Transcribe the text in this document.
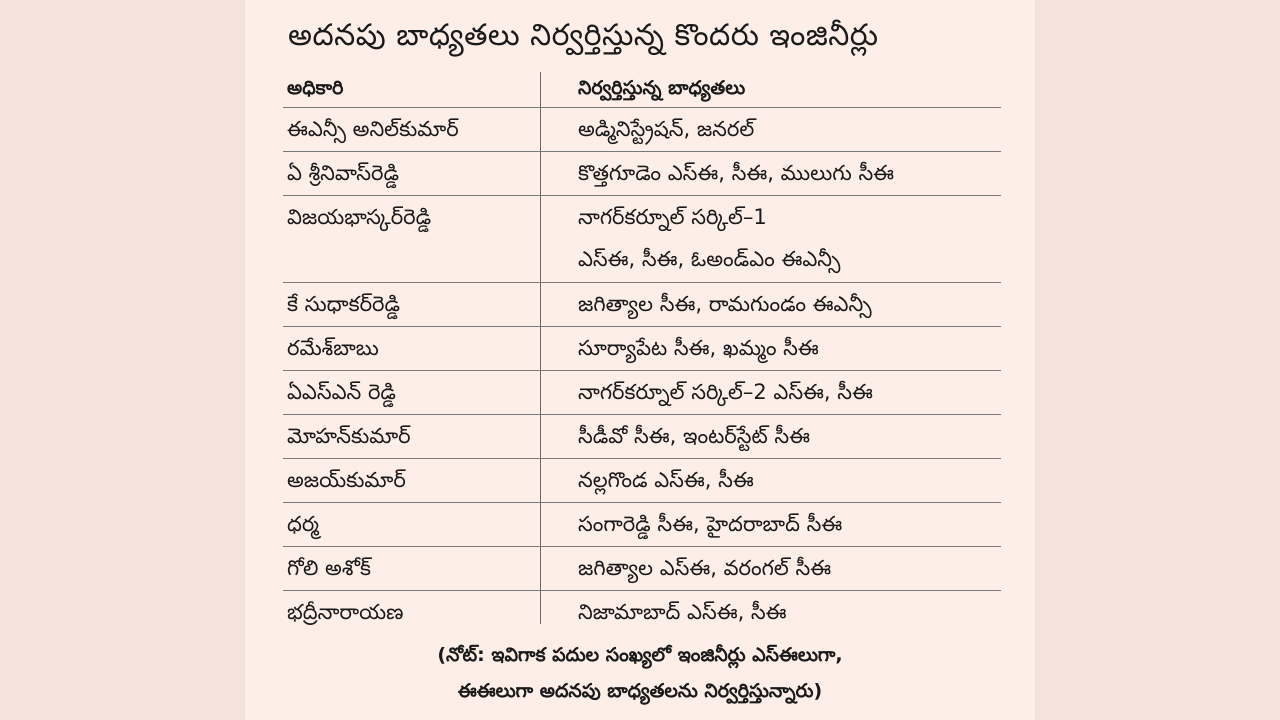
అదనపు బాధ్యతలు నిర్వర్తిస్తున్న కొందరు ఇంజినీర్లు
అధికారి	నిర్వర్తిస్తున్న బాధ్యతలు
ఈఎన్సీ అనిల్‌కుమార్	అడ్మినిస్ట్రేషన్, జనరల్
ఏ శ్రీనివాస్‌రెడ్డి	కొత్తగూడెం ఎస్‌ఈ, సీఈ, ములుగు సీఈ
విజయభాస్కర్‌రెడ్డి	నాగర్‌కర్నూల్ సర్కిల్‌–1
ఎస్‌ఈ, సీఈ, ఓఅండ్‌ఎం ఈఎన్సీ
కే సుధాకర్‌రెడ్డి	జగిత్యాల సీఈ, రామగుండం ఈఎన్సీ
రమేశ్‌బాబు	సూర్యాపేట సీఈ, ఖమ్మం సీఈ
ఏఎస్‌ఎన్ రెడ్డి	నాగర్‌కర్నూల్ సర్కిల్‌–2 ఎస్‌ఈ, సీఈ
మోహన్‌కుమార్	సీడీవో సీఈ, ఇంటర్‌స్టేట్ సీఈ
అజయ్‌కుమార్	నల్లగొండ ఎస్‌ఈ, సీఈ
ధర్మ	సంగారెడ్డి సీఈ, హైదరాబాద్ సీఈ
గోలి అశోక్	జగిత్యాల ఎస్‌ఈ, వరంగల్ సీఈ
భద్రీనారాయణ	నిజామాబాద్ ఎస్‌ఈ, సీఈ
(నోట్‌: ఇవిగాక పదుల సంఖ్యలో ఇంజినీర్లు ఎస్‌ఈలుగా,
ఈఈలుగా అదనపు బాధ్యతలను నిర్వర్తిస్తున్నారు)
